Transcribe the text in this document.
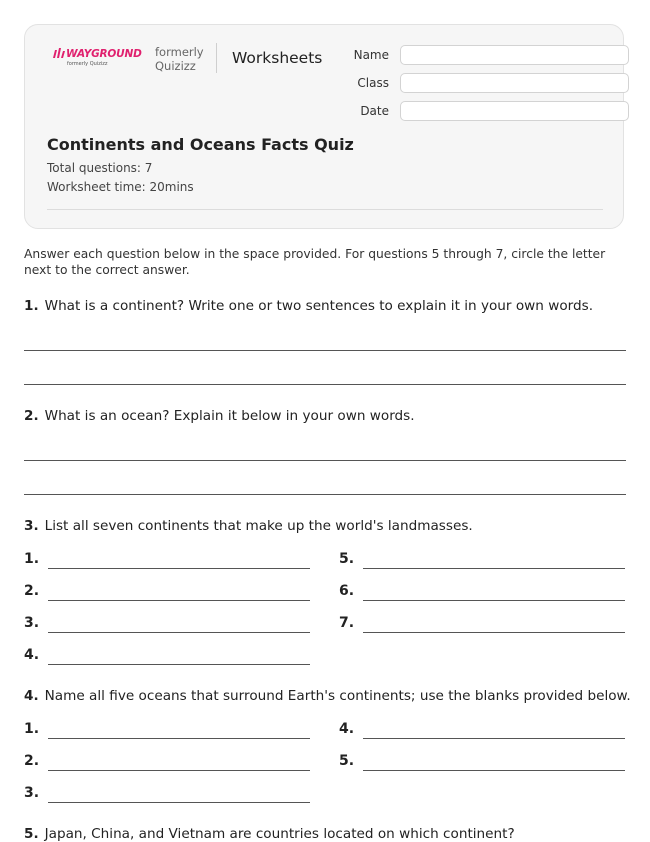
WAYGROUND
formerly Quizizz
formerly
Quizizz	Worksheets	Name
Class
Date
Continents and Oceans Facts Quiz
Total questions: 7
Worksheet time: 20mins
Answer each question below in the space provided. For questions 5 through 7, circle the letter next to the correct answer.
1. What is a continent? Write one or two sentences to explain it in your own words.
2. What is an ocean? Explain it below in your own words.
3. List all seven continents that make up the world's landmasses.
1.
2.
3.
4.
5.
6.
7.
4. Name all five oceans that surround Earth's continents; use the blanks provided below.
1.
2.
3.
4.
5.
5. Japan, China, and Vietnam are countries located on which continent?
